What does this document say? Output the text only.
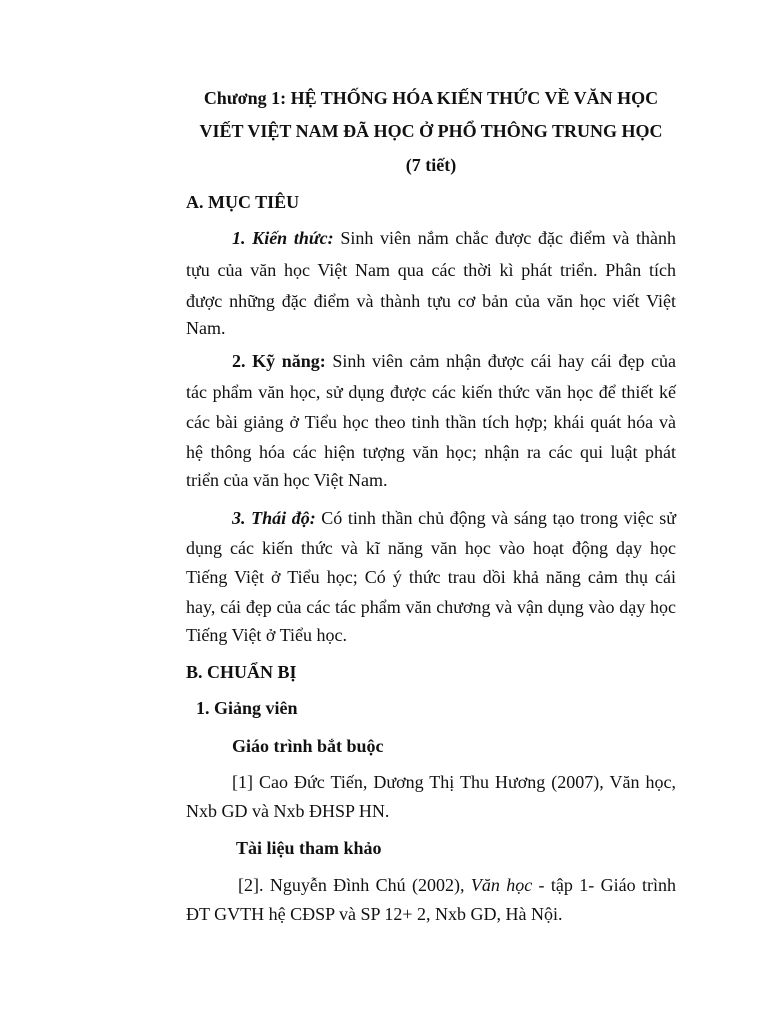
Chương 1: HỆ THỐNG HÓA KIẾN THỨC VỀ VĂN HỌC
VIẾT VIỆT NAM ĐÃ HỌC Ở PHỔ THÔNG TRUNG HỌC
(7 tiết)
A. MỤC TIÊU
1. Kiến thức: Sinh viên nắm chắc được đặc điểm và thành
tựu của văn học Việt Nam qua các thời kì phát triển. Phân tích
được những đặc điểm và thành tựu cơ bản của văn học viết Việt
Nam.
2. Kỹ năng: Sinh viên cảm nhận được cái hay cái đẹp của
tác phẩm văn học, sử dụng được các kiến thức văn học để thiết kế
các bài giảng ở Tiểu học theo tinh thần tích hợp; khái quát hóa và
hệ thông hóa các hiện tượng văn học; nhận ra các qui luật phát
triển của văn học Việt Nam.
3. Thái độ: Có tinh thần chủ động và sáng tạo trong việc sử
dụng các kiến thức và kĩ năng văn học vào hoạt động dạy học
Tiếng Việt ở Tiểu học; Có ý thức trau dồi khả năng cảm thụ cái
hay, cái đẹp của các tác phẩm văn chương và vận dụng vào dạy học
Tiếng Việt ở Tiểu học.
B. CHUẨN BỊ
1. Giảng viên
Giáo trình bắt buộc
[1] Cao Đức Tiến, Dương Thị Thu Hương (2007), Văn học,
Nxb GD và Nxb ĐHSP HN.
Tài liệu tham khảo
[2]. Nguyễn Đình Chú (2002), Văn học - tập 1- Giáo trình
ĐT GVTH hệ CĐSP và SP 12+ 2, Nxb GD, Hà Nội.
